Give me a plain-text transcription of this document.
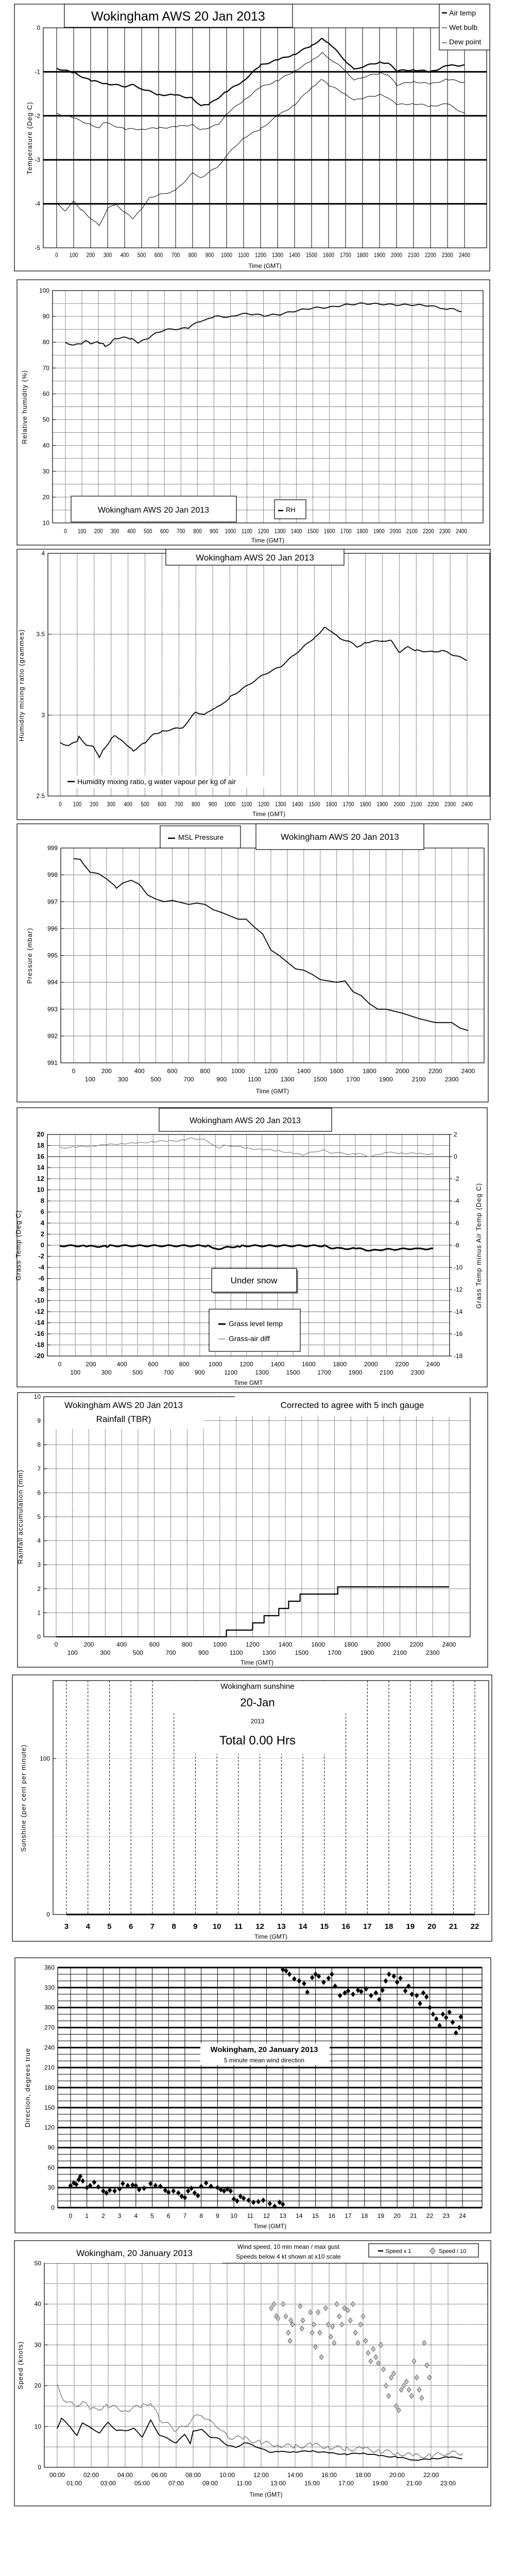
0
-1
-2
-3
-4
-5
0 100 200 300 400 500 600 700 800 900 1000 1100 1200 1300 1400 1500 1600 1700 1800 1900 2000 2100 2200 2300 2400
Time (GMT)
Temperature (Deg C)
100
90
80
70
60
50
40
30
20
10
0 100 200 300 400 500 600 700 800 900 1000 1100 1200 1300 1400 1500 1600 1700 1800 1900 2000 2100 2200 2300 2400
Time (GMT)
Relative humidity (%)
4
3.5
3
2.5
0 100 200 300 400 500 600 700 800 900 1000 1100 1200 1300 1400 1500 1600 1700 1800 1900 2000 2100 2200 2300 2400
Time (GMT)
Humidity mixing ratio (grammes)
999
998
997
996
995
994
993
992
991
0
100
200
300
400
500
600
700
800
900
1000
1100
1200
1300
1400
1500
1600
1700
1800
1900
2000
2100
2200
2300
2400
Time (GMT)
Pressure (mbar)
20
18
16
14
12
10
8
6
4
2
0
-2
-4
-6
-8
-10
-12
-14
-16
-18
-20
2
0
-2
-4
-6
-8
-10
-12
-14
-16
-18
Grass Temp minus Air Temp (Deg C)
0
100
200
300
400
500
600
700
800
900
1000
1100
1200
1300
1400
1500
1600
1700
1800
1900
2000
2100
2200
2300
2400
Time GMT
Grass Temp (Deg C)
10
9
8
7
6
5
4
3
2
1
0
0
100
200
300
400
500
600
700
800
900
1000
1100
1200
1300
1400
1500
1600
1700
1800
1900
2000
2100
2200
2300
2400
Time (GMT)
Rainfall accumulation (mm)
100
0
3 4 5 6 7 8 9 10 11 12 13 14 15 16 17 18 19 20 21 22
Time (GMT)
Sunshine (per cent per minute)
360
330
300
270
240
210
180
150
120
90
60
30
0
0 1 2 3 4 5 6 7 8 9 10 11 12 13 14 15 16 17 18 19 20 21 22 23 24
Time (GMT)
Direction, degrees true
50
40
30
20
10
0
00:00
01:00
02:00
03:00
04:00
05:00
06:00
07:00
08:00
09:00
10:00
11:00
12:00
13:00
14:00
15:00
16:00
17:00
18:00
19:00
20:00
21:00
22:00
23:00
Time (GMT)
Speed (knots)
Wokingham AWS 20 Jan 2013	Air temp
Wet bulb
Dew point
Wokingham AWS 20 Jan 2013	RH
Wokingham AWS 20 Jan 2013
Humidity mixing ratio, g water vapour per kg of air
MSL Pressure	Wokingham AWS 20 Jan 2013
Wokingham AWS 20 Jan 2013
Under snow
Grass level temp
Grass-air diff
Wokingham AWS 20 Jan 2013
Rainfall (TBR)
Corrected to agree with 5 inch gauge
Wokingham sunshine
20-Jan
2013
Total 0.00 Hrs
Wokingham, 20 January 2013
5 minute mean wind direction
Wokingham, 20 January 2013
Wind speed, 10 min mean / max gust
Speeds below 4 kt shown at x10 scale
Speed x 1	Speed / 10
